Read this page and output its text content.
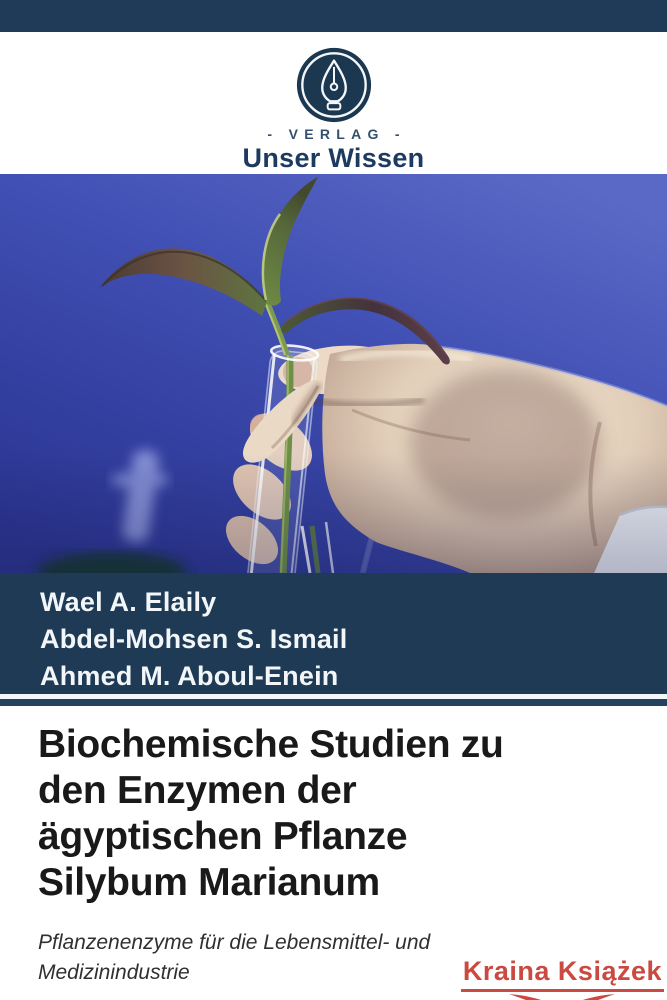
- VERLAG -
Unser Wissen
Wael A. Elaily
Abdel-Mohsen S. Ismail
Ahmed M. Aboul-Enein
Biochemische Studien zu
den Enzymen der
ägyptischen Pflanze
Silybum Marianum

Pflanzenenzyme für die Lebensmittel- und
Medizinindustrie	Kraina Książek
